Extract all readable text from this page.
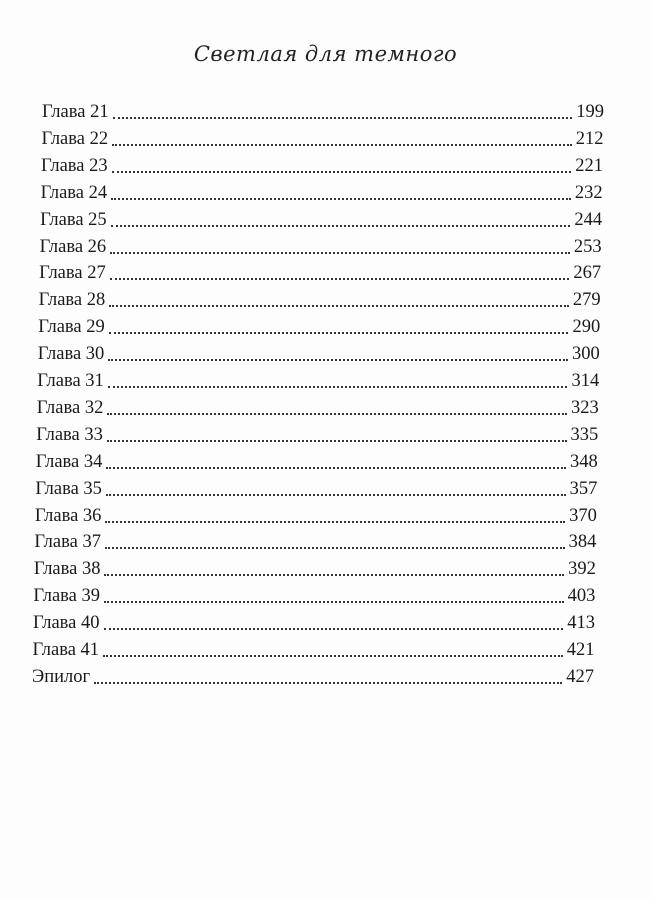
Светлая для темного
Глава 21	199
Глава 22	212
Глава 23	221
Глава 24	232
Глава 25	244
Глава 26	253
Глава 27	267
Глава 28	279
Глава 29	290
Глава 30	300
Глава 31	314
Глава 32	323
Глава 33	335
Глава 34	348
Глава 35	357
Глава 36	370
Глава 37	384
Глава 38	392
Глава 39	403
Глава 40	413
Глава 41	421
Эпилог	427
